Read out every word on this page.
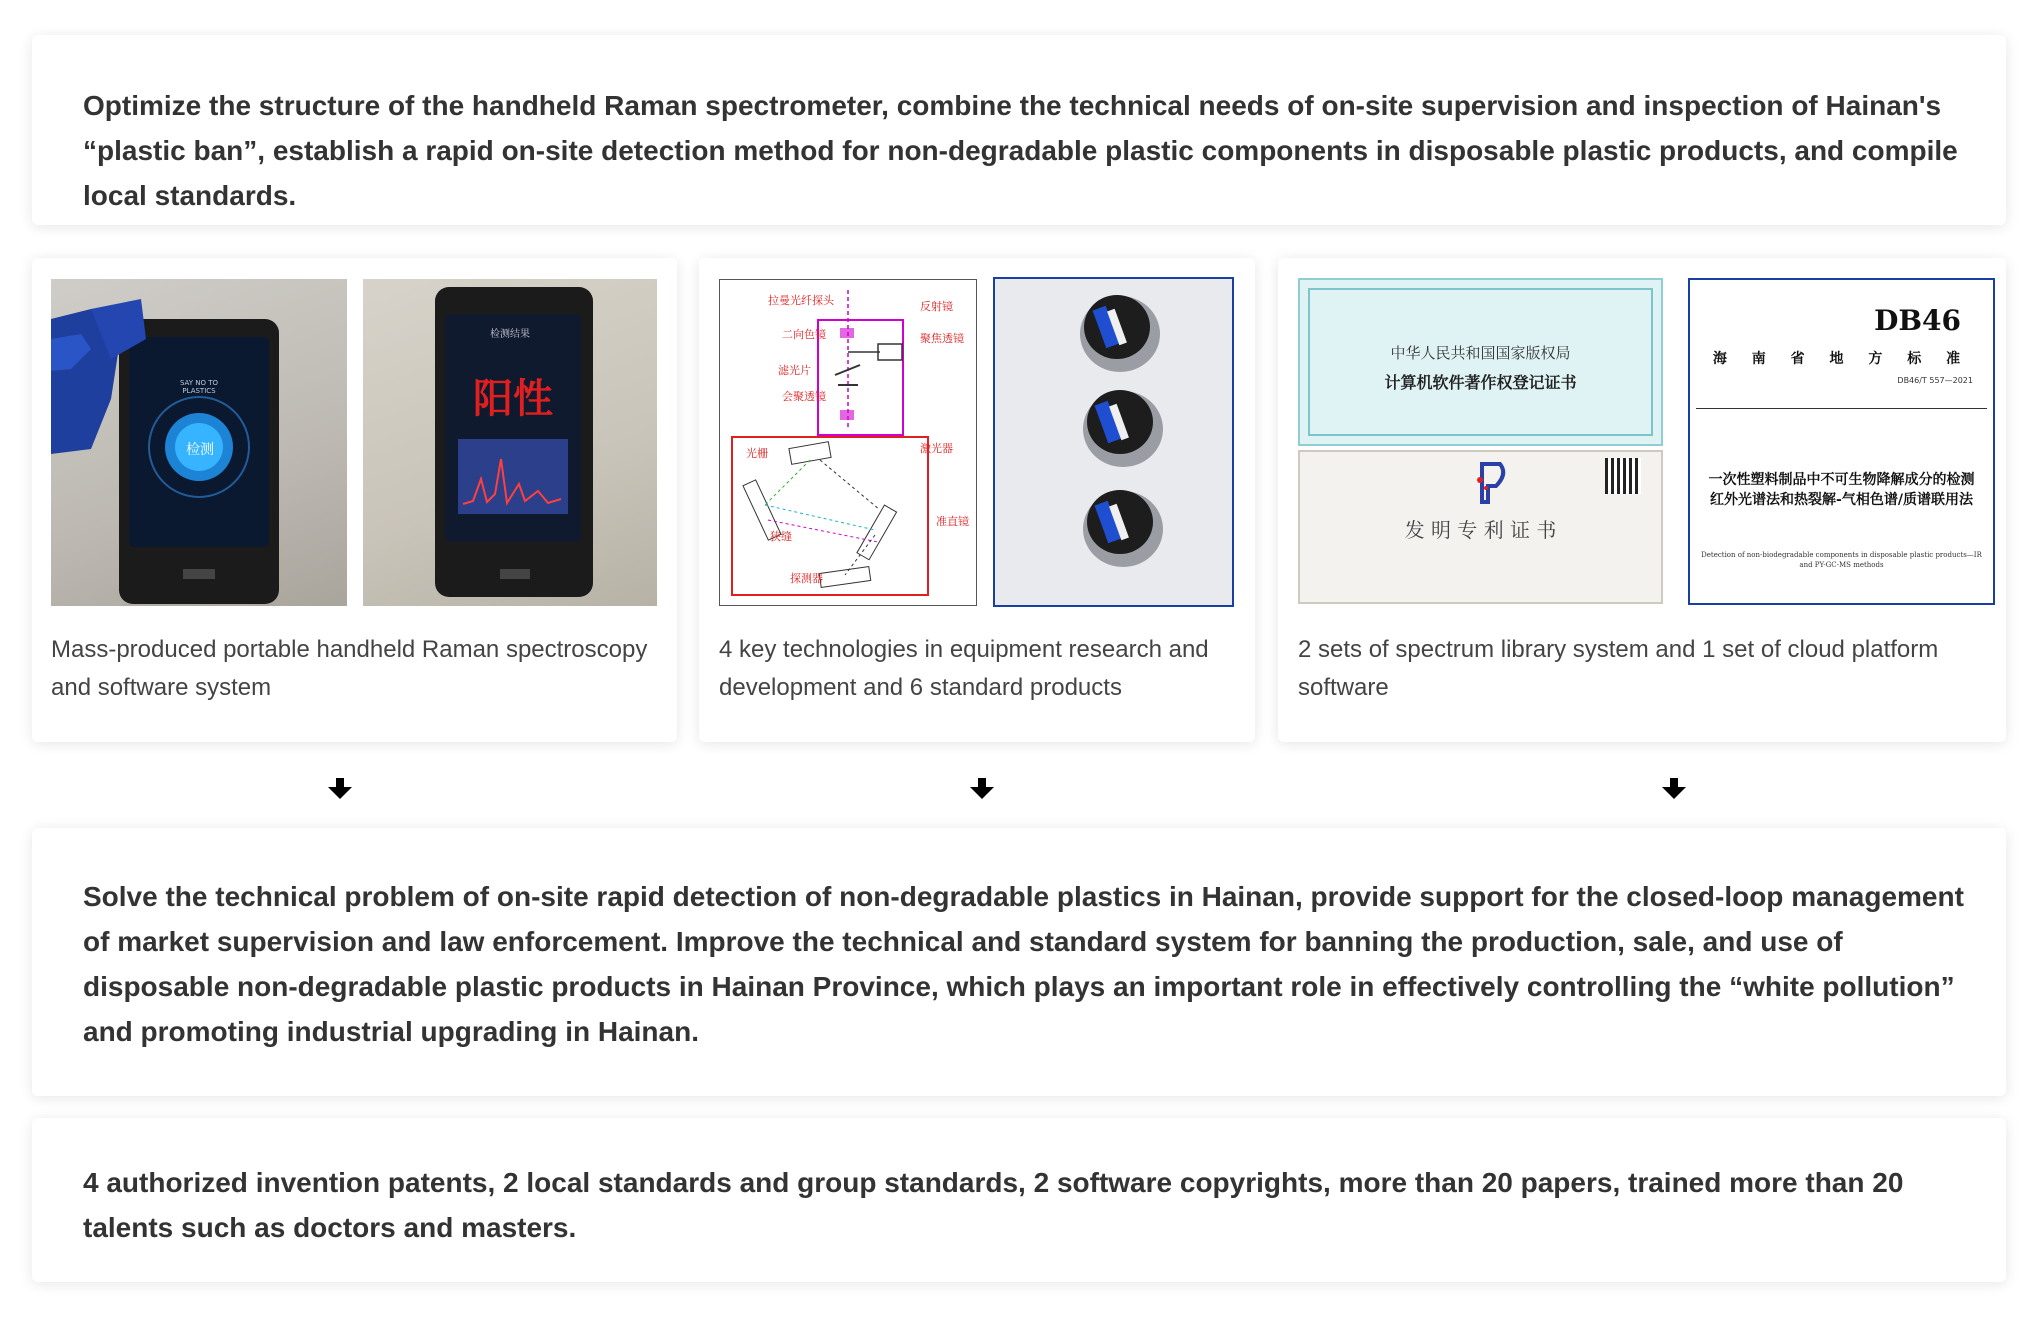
Optimize the structure of the handheld Raman spectrometer, combine the technical needs of on-site supervision and inspection of Hainan's “plastic ban”, establish a rapid on-site detection method for non-degradable plastic components in disposable plastic products, and compile local standards.

检测
SAY NO TO PLASTICS
检测结果
阳性

Mass-produced portable handheld Raman spectroscopy and software system

拉曼光纤探头
二向色镜
反射镜
滤光片
会聚透镜
聚焦透镜
激光器
光栅
狭缝
准直镜
探测器

4 key technologies in equipment research and development and 6 standard products

中华人民共和国国家版权局
计算机软件著作权登记证书
发 明 专 利 证 书
DB46
海 南 省 地 方 标 准
DB46/T 557—2021
一次性塑料制品中不可生物降解成分的检测 红外光谱法和热裂解-气相色谱/质谱联用法
Detection of non-biodegradable components in disposable plastic products—IR and PY-GC-MS methods

2 sets of spectrum library system and 1 set of cloud platform software

Solve the technical problem of on-site rapid detection of non-degradable plastics in Hainan, provide support for the closed-loop management of market supervision and law enforcement. Improve the technical and standard system for banning the production, sale, and use of disposable non-degradable plastic products in Hainan Province, which plays an important role in effectively controlling the “white pollution” and promoting industrial upgrading in Hainan.

4 authorized invention patents, 2 local standards and group standards, 2 software copyrights, more than 20 papers, trained more than 20 talents such as doctors and masters.
